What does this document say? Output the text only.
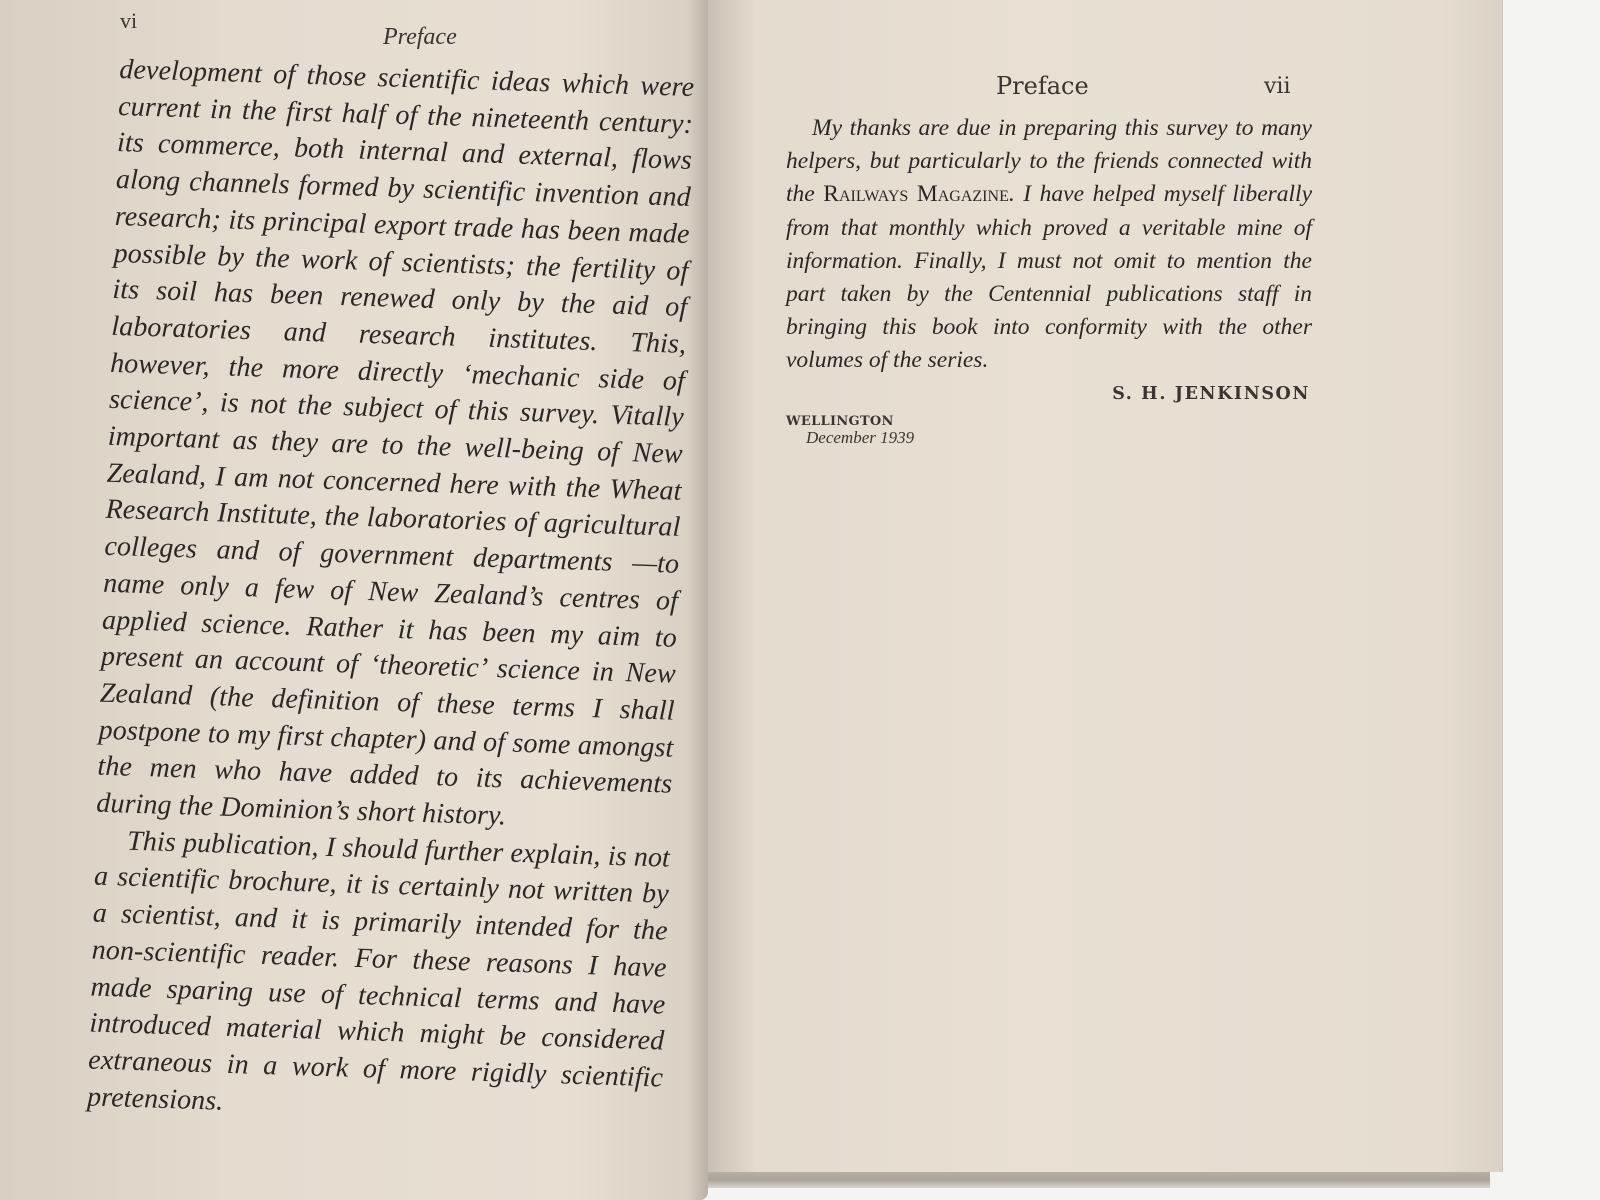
vi
Preface

development of those scientific ideas which were current in the first half of the nineteenth century: its commerce, both internal and external, flows along channels formed by scientific invention and research; its principal export trade has been made possible by the work of scientists; the fertility of its soil has been renewed only by the aid of laboratories and research institutes. This, however, the more directly ‘mechanic side of science’, is not the subject of this survey. Vitally important as they are to the well-being of New Zealand, I am not concerned here with the Wheat Research Institute, the laboratories of agricultural colleges and of government departments —to name only a few of New Zealand’s centres of applied science. Rather it has been my aim to present an account of ‘theoretic’ science in New Zealand (the definition of these terms I shall postpone to my first chapter) and of some amongst the men who have added to its achievements during the Dominion’s short history.

This publication, I should further explain, is not a scientific brochure, it is certainly not written by a scientist, and it is primarily intended for the non-scientific reader. For these reasons I have made sparing use of technical terms and have introduced material which might be considered extraneous in a work of more rigidly scientific pretensions.

Preface	vii

My thanks are due in preparing this survey to many helpers, but particularly to the friends connected with the Railways Magazine. I have helped myself liberally from that monthly which proved a veritable mine of information. Finally, I must not omit to mention the part taken by the Centennial publications staff in bringing this book into conformity with the other volumes of the series.

S. H. JENKINSON
WELLINGTON
December 1939
